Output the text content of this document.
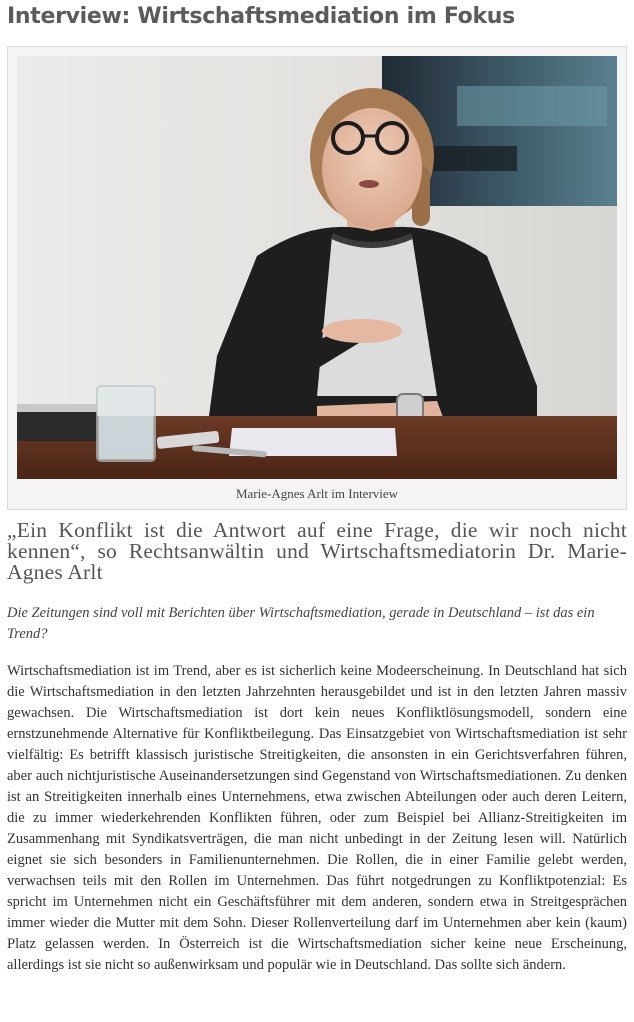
Interview: Wirtschaftsmediation im Fokus
Marie-Agnes Arlt im Interview

„Ein Konflikt ist die Antwort auf eine Frage, die wir noch nicht kennen“, so Rechtsanwältin und Wirtschaftsmediatorin Dr. Marie-Agnes Arlt

Die Zeitungen sind voll mit Berichten über Wirtschaftsmediation, gerade in Deutschland – ist das ein Trend?

Wirtschaftsmediation ist im Trend, aber es ist sicherlich keine Modeerscheinung. In Deutschland hat sich die Wirtschaftsmediation in den letzten Jahrzehnten herausgebildet und ist in den letzten Jahren massiv gewachsen. Die Wirtschaftsmediation ist dort kein neues Konfliktlösungsmodell, sondern eine ernstzunehmende Alternative für Konfliktbeilegung. Das Einsatzgebiet von Wirtschaftsmediation ist sehr vielfältig: Es betrifft klassisch juristische Streitigkeiten, die ansonsten in ein Gerichtsverfahren führen, aber auch nichtjuristische Auseinandersetzungen sind Gegenstand von Wirtschaftsmediationen. Zu denken ist an Streitigkeiten innerhalb eines Unternehmens, etwa zwischen Abteilungen oder auch deren Leitern, die zu immer wiederkehrenden Konflikten führen, oder zum Beispiel bei Allianz-Streitigkeiten im Zusammenhang mit Syndikatsverträgen, die man nicht unbedingt in der Zeitung lesen will. Natürlich eignet sie sich besonders in Familienunternehmen. Die Rollen, die in einer Familie gelebt werden, verwachsen teils mit den Rollen im Unternehmen. Das führt notgedrungen zu Konfliktpotenzial: Es spricht im Unternehmen nicht ein Geschäftsführer mit dem anderen, sondern etwa in Streitgesprächen immer wieder die Mutter mit dem Sohn. Dieser Rollenverteilung darf im Unternehmen aber kein (kaum) Platz gelassen werden. In Österreich ist die Wirtschaftsmediation sicher keine neue Erscheinung, allerdings ist sie nicht so außenwirksam und populär wie in Deutschland. Das sollte sich ändern.
